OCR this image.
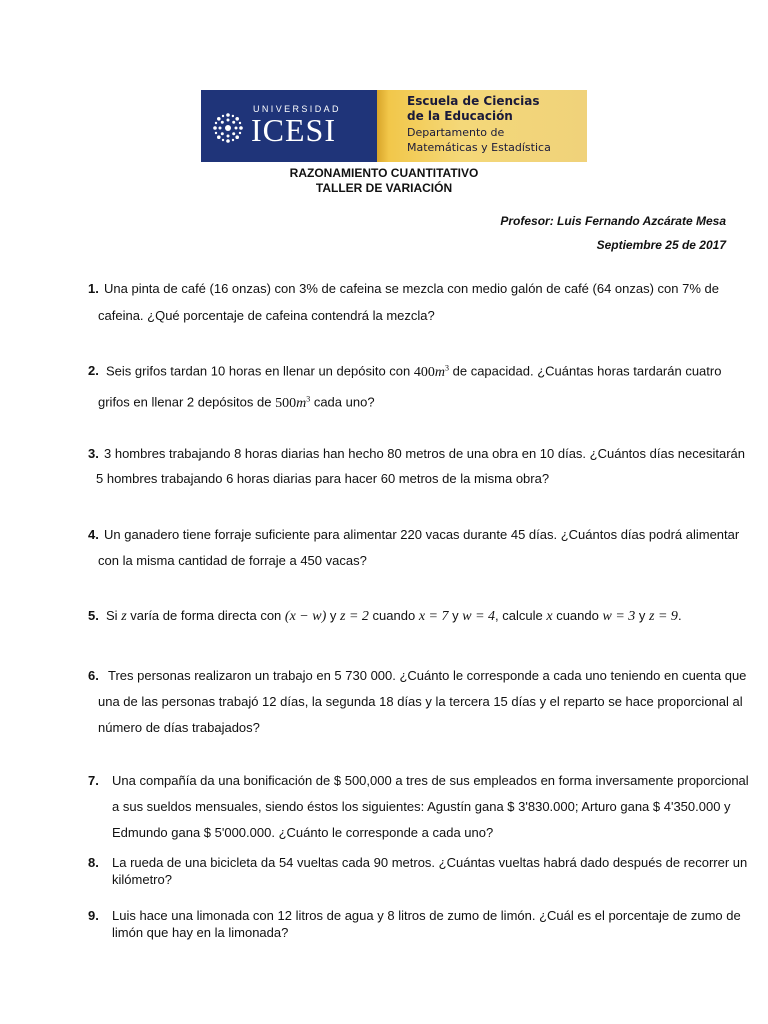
UNIVERSIDAD
ICESI
Escuela de Ciencias
de la Educación
Departamento de
Matemáticas y Estadística
RAZONAMIENTO CUANTITATIVO
TALLER DE VARIACIÓN
Profesor: Luis Fernando Azcárate Mesa
Septiembre 25 de 2017
1. Una pinta de café (16 onzas) con 3% de cafeina se mezcla con medio galón de café (64 onzas) con 7% de
cafeina. ¿Qué porcentaje de cafeina contendrá la mezcla?
2. Seis grifos tardan 10 horas en llenar un depósito con $400m^3$ de capacidad. ¿Cuántas horas tardarán cuatro
grifos en llenar 2 depósitos de $500m^3$ cada uno?
3. 3 hombres trabajando 8 horas diarias han hecho 80 metros de una obra en 10 días. ¿Cuántos días necesitarán
5 hombres trabajando 6 horas diarias para hacer 60 metros de la misma obra?
4. Un ganadero tiene forraje suficiente para alimentar 220 vacas durante 45 días. ¿Cuántos días podrá alimentar
con la misma cantidad de forraje a 450 vacas?
5. Si z varía de forma directa con (x − w) y z = 2 cuando x = 7 y w = 4, calcule x cuando w = 3 y z = 9.
6. Tres personas realizaron un trabajo en 5 730 000. ¿Cuánto le corresponde a cada uno teniendo en cuenta que
una de las personas trabajó 12 días, la segunda 18 días y la tercera 15 días y el reparto se hace proporcional al
número de días trabajados?
7. Una compañía da una bonificación de $ 500,000 a tres de sus empleados en forma inversamente proporcional
a sus sueldos mensuales, siendo éstos los siguientes: Agustín gana $ 3'830.000; Arturo gana $ 4'350.000 y
Edmundo gana $ 5'000.000. ¿Cuánto le corresponde a cada uno?
8. La rueda de una bicicleta da 54 vueltas cada 90 metros. ¿Cuántas vueltas habrá dado después de recorrer un
kilómetro?
9. Luis hace una limonada con 12 litros de agua y 8 litros de zumo de limón. ¿Cuál es el porcentaje de zumo de
limón que hay en la limonada?
